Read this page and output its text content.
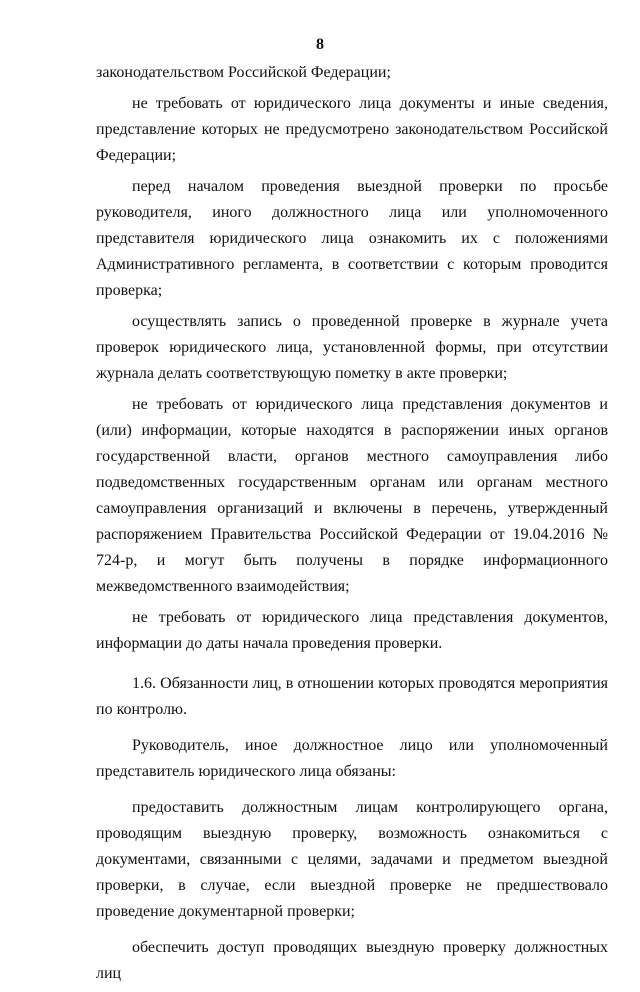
8

законодательством Российской Федерации;

не требовать от юридического лица документы и иные сведения, представление которых не предусмотрено законодательством Российской Федерации;

перед началом проведения выездной проверки по просьбе руководителя, иного должностного лица или уполномоченного представителя юридического лица ознакомить их с положениями Административного регламента, в соответствии с которым проводится проверка;

осуществлять запись о проведенной проверке в журнале учета проверок юридического лица, установленной формы, при отсутствии журнала делать соответствующую пометку в акте проверки;

не требовать от юридического лица представления документов и (или) информации, которые находятся в распоряжении иных органов государственной власти, органов местного самоуправления либо подведомственных государственным органам или органам местного самоуправления организаций и включены в перечень, утвержденный распоряжением Правительства Российской Федерации от 19.04.2016 № 724-р, и могут быть получены в порядке информационного межведомственного взаимодействия;

не требовать от юридического лица представления документов, информации до даты начала проведения проверки.

1.6. Обязанности лиц, в отношении которых проводятся мероприятия по контролю.

Руководитель, иное должностное лицо или уполномоченный представитель юридического лица обязаны:

предоставить должностным лицам контролирующего органа, проводящим выездную проверку, возможность ознакомиться с документами, связанными с целями, задачами и предметом выездной проверки, в случае, если выездной проверке не предшествовало проведение документарной проверки;

обеспечить доступ проводящих выездную проверку должностных лиц
